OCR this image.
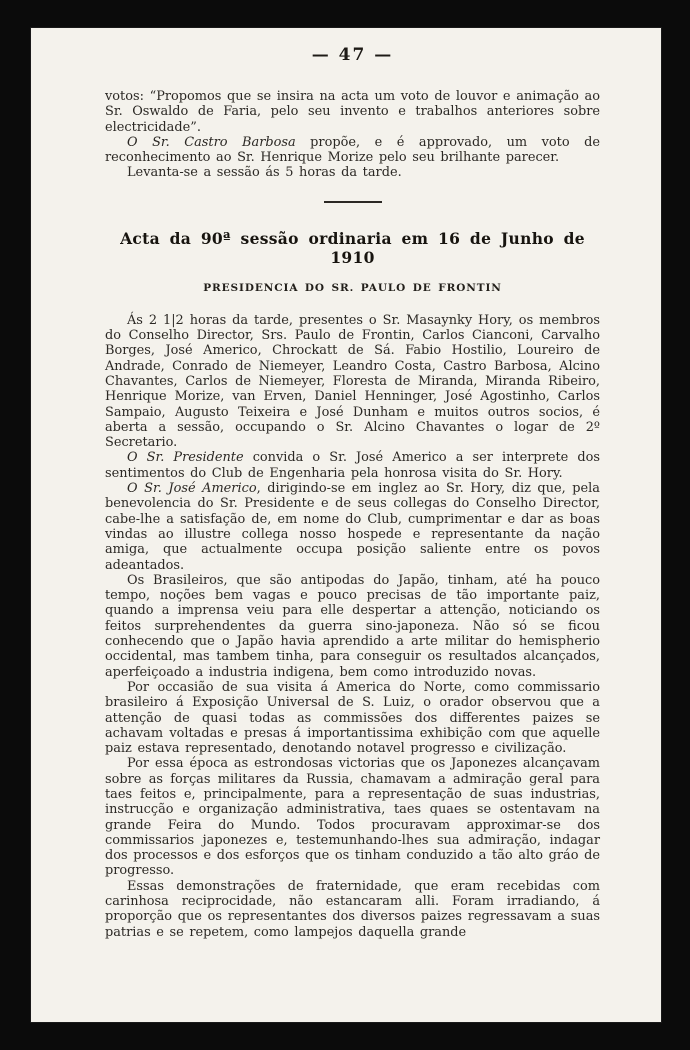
— 47 —

votos: “Propomos que se insira na acta um voto de louvor e animação ao Sr. Oswaldo de Faria, pelo seu invento e trabalhos anteriores sobre electricidade”.

O Sr. Castro Barbosa propõe, e é approvado, um voto de reconhecimento ao Sr. Henrique Morize pelo seu brilhante parecer.

Levanta-se a sessão ás 5 horas da tarde.

Acta da 90ª sessão ordinaria em 16 de Junho de 1910
PRESIDENCIA DO SR. PAULO DE FRONTIN

Ás 2 1|2 horas da tarde, presentes o Sr. Masaynky Hory, os membros do Conselho Director, Srs. Paulo de Frontin, Carlos Cianconi, Carvalho Borges, José Americo, Chrockatt de Sá. Fabio Hostilio, Loureiro de Andrade, Conrado de Niemeyer, Leandro Costa, Castro Barbosa, Alcino Chavantes, Carlos de Niemeyer, Floresta de Miranda, Miranda Ribeiro, Henrique Morize, van Erven, Daniel Henninger, José Agostinho, Carlos Sampaio, Augusto Teixeira e José Dunham e muitos outros socios, é aberta a sessão, occupando o Sr. Alcino Chavantes o logar de 2º Secretario.

O Sr. Presidente convida o Sr. José Americo a ser interprete dos sentimentos do Club de Engenharia pela honrosa visita do Sr. Hory.

O Sr. José Americo, dirigindo-se em inglez ao Sr. Hory, diz que, pela benevolencia do Sr. Presidente e de seus collegas do Conselho Director, cabe-lhe a satisfação de, em nome do Club, cumprimentar e dar as boas vindas ao illustre collega nosso hospede e representante da nação amiga, que actualmente occupa posição saliente entre os povos adeantados.

Os Brasileiros, que são antipodas do Japão, tinham, até ha pouco tempo, noções bem vagas e pouco precisas de tão importante paiz, quando a imprensa veiu para elle despertar a attenção, noticiando os feitos surprehendentes da guerra sino-japoneza. Não só se ficou conhecendo que o Japão havia aprendido a arte militar do hemispherio occidental, mas tambem tinha, para conseguir os resultados alcançados, aperfeiçoado a industria indigena, bem como introduzido novas.

Por occasião de sua visita á America do Norte, como commissario brasileiro á Exposição Universal de S. Luiz, o orador observou que a attenção de quasi todas as commissões dos differentes paizes se achavam voltadas e presas á importantissima exhibição com que aquelle paiz estava representado, denotando notavel progresso e civilização.

Por essa época as estrondosas victorias que os Japonezes alcançavam sobre as forças militares da Russia, chamavam a admiração geral para taes feitos e, principalmente, para a representação de suas industrias, instrucção e organização administrativa, taes quaes se ostentavam na grande Feira do Mundo. Todos procuravam approximar-se dos commissarios japonezes e, testemunhando-lhes sua admiração, indagar dos processos e dos esforços que os tinham conduzido a tão alto gráo de progresso.

Essas demonstrações de fraternidade, que eram recebidas com carinhosa reciprocidade, não estancaram alli. Foram irradiando, á proporção que os representantes dos diversos paizes regressavam a suas patrias e se repetem, como lampejos daquella grande
